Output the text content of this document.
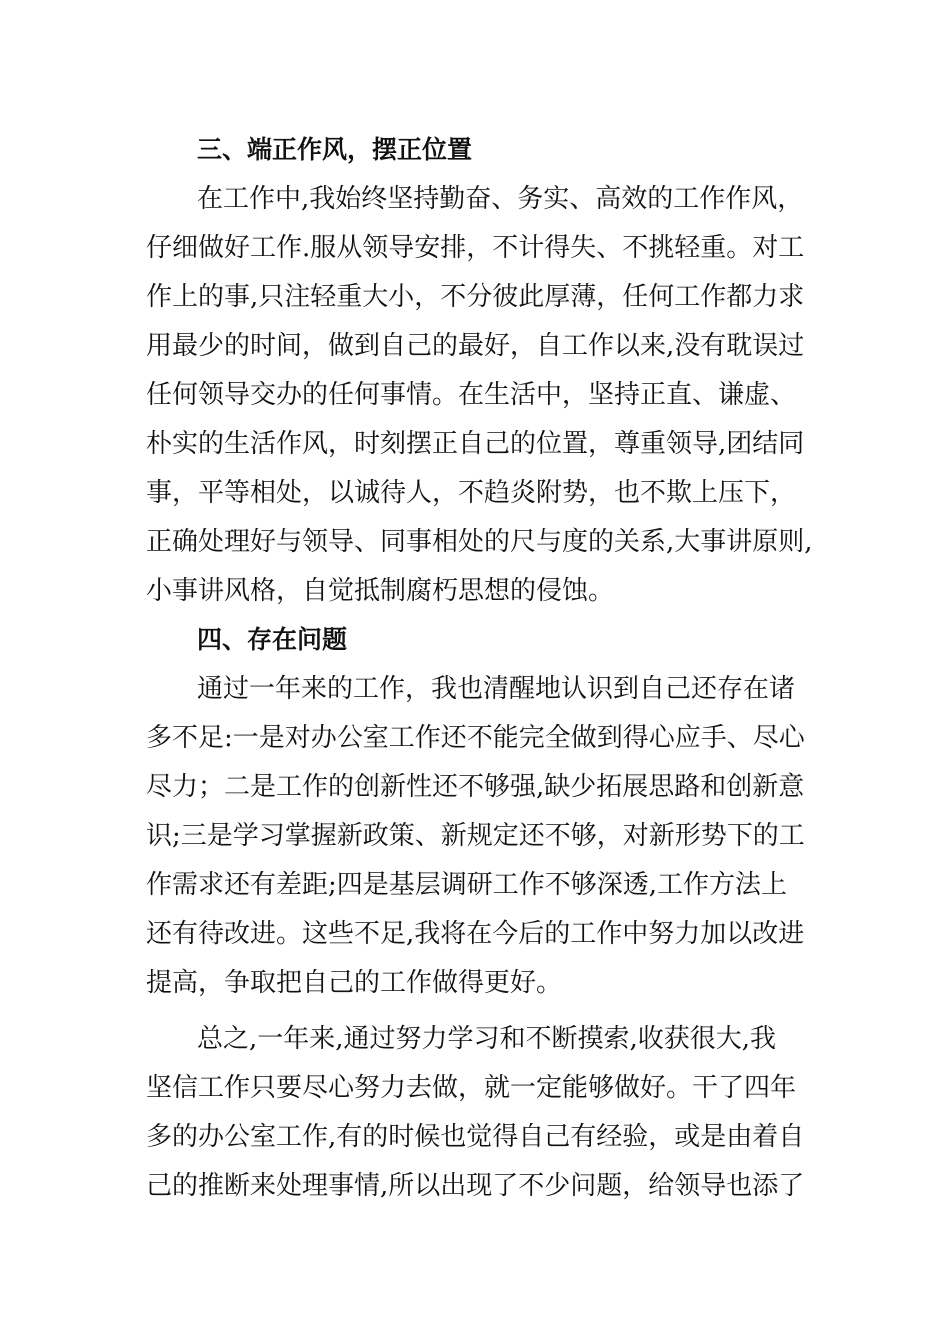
三、端正作风，摆正位置
在工作中,我始终坚持勤奋、务实、高效的工作作风，
仔细做好工作.服从领导安排，不计得失、不挑轻重。对工
作上的事,只注轻重大小，不分彼此厚薄，任何工作都力求
用最少的时间，做到自己的最好，自工作以来,没有耽误过
任何领导交办的任何事情。在生活中，坚持正直、谦虚、
朴实的生活作风，时刻摆正自己的位置，尊重领导,团结同
事，平等相处，以诚待人，不趋炎附势，也不欺上压下，
正确处理好与领导、同事相处的尺与度的关系,大事讲原则,
小事讲风格，自觉抵制腐朽思想的侵蚀。
四、存在问题
通过一年来的工作，我也清醒地认识到自己还存在诸
多不足:一是对办公室工作还不能完全做到得心应手、尽心
尽力；二是工作的创新性还不够强,缺少拓展思路和创新意
识;三是学习掌握新政策、新规定还不够，对新形势下的工
作需求还有差距;四是基层调研工作不够深透,工作方法上
还有待改进。这些不足,我将在今后的工作中努力加以改进
提高，争取把自己的工作做得更好。
总之,一年来,通过努力学习和不断摸索,收获很大,我
坚信工作只要尽心努力去做，就一定能够做好。干了四年
多的办公室工作,有的时候也觉得自己有经验，或是由着自
己的推断来处理事情,所以出现了不少问题，给领导也添了
